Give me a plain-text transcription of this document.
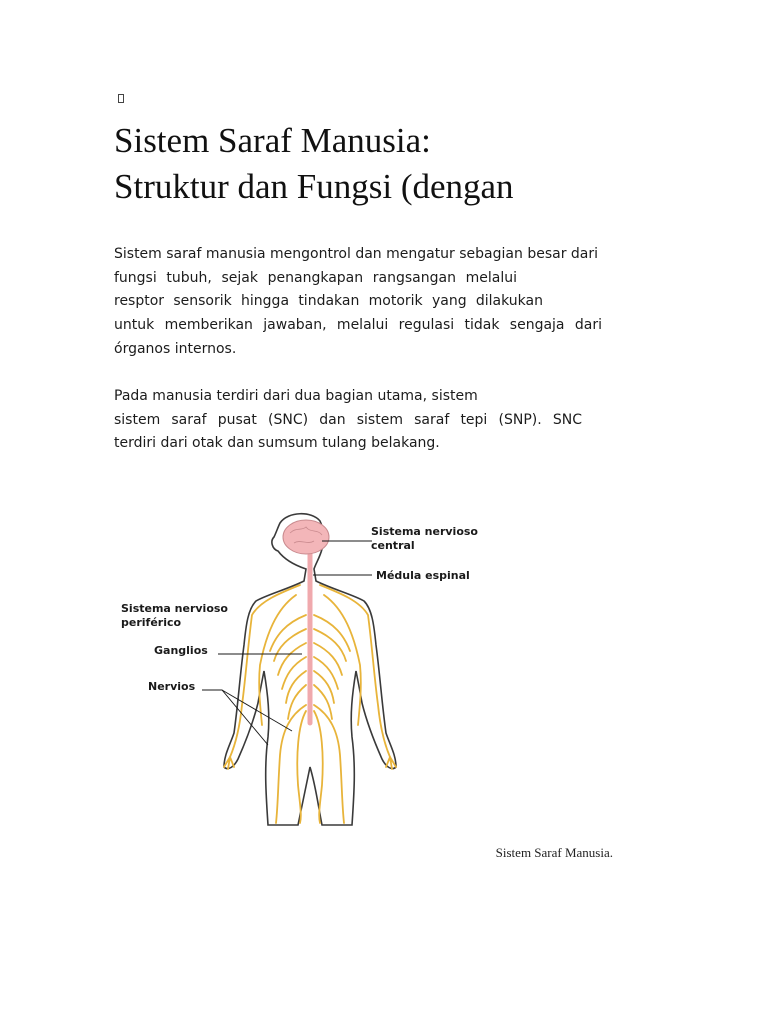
Sistem Saraf Manusia:
Struktur dan Fungsi (dengan

Sistem saraf manusia mengontrol dan mengatur sebagian besar dari
fungsi tubuh, sejak penangkapan rangsangan melalui
resptor sensorik hingga tindakan motorik yang dilakukan
untuk memberikan jawaban, melalui regulasi tidak sengaja dari
órganos internos.

Pada manusia terdiri dari dua bagian utama, sistem
sistem saraf pusat (SNC) dan sistem saraf tepi (SNP). SNC
terdiri dari otak dan sumsum tulang belakang.

Sistema nervioso
central
Médula espinal
Sistema nervioso
periférico
Ganglios
Nervios
Sistem Saraf Manusia.
